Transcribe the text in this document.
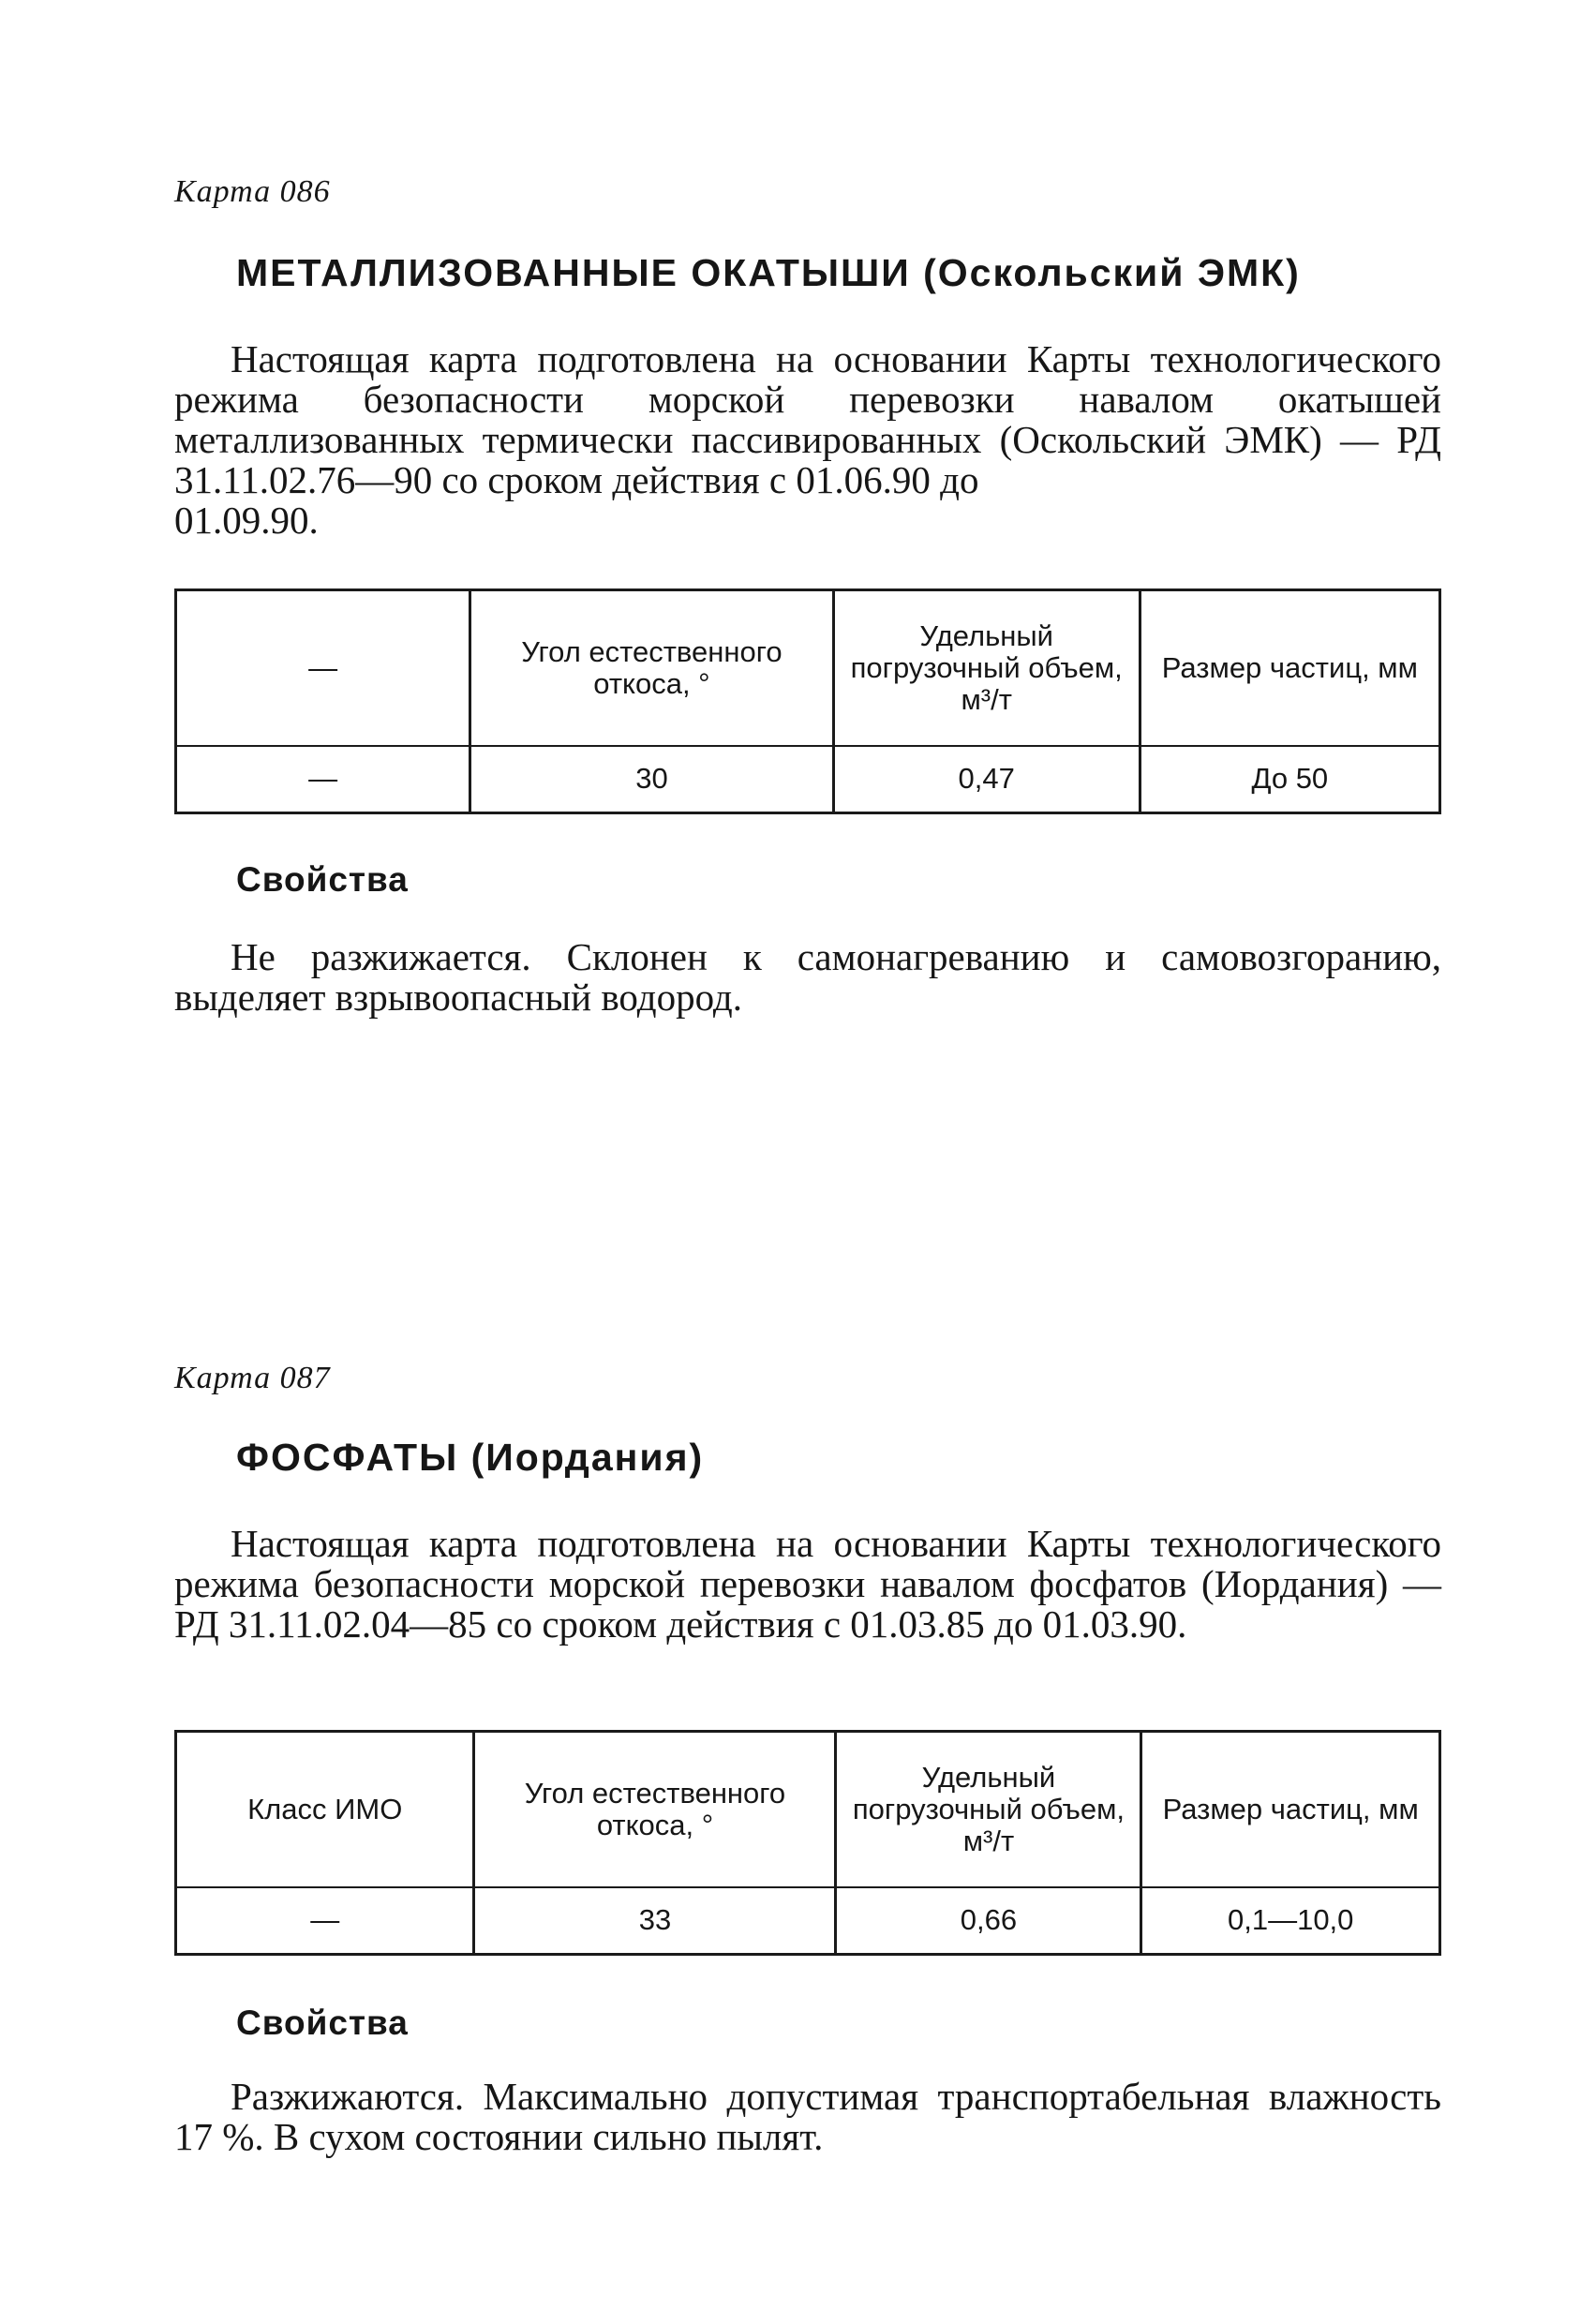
Карта 086
МЕТАЛЛИЗОВАННЫЕ ОКАТЫШИ (Оскольский ЭМК)
Настоящая карта подготовлена на основании Карты технологического режима безопасности морской перевозки навалом окатышей металлизованных термически пассивированных (Оскольский ЭМК) — РД 31.11.02.76—90 со сроком действия с 01.06.90 до
01.09.90.
—	Угол естественного откоса, °	Удельный погрузочный объем, м³/т	Размер частиц, мм
—	30	0,47	До 50
Свойства
Не разжижается. Склонен к самонагреванию и самовозгоранию, выделяет взрывоопасный водород.
Карта 087
ФОСФАТЫ (Иордания)
Настоящая карта подготовлена на основании Карты технологического режима безопасности морской перевозки навалом фосфатов (Иордания) — РД 31.11.02.04—85 со сроком действия с 01.03.85 до 01.03.90.
Класс ИМО	Угол естественного откоса, °	Удельный погрузочный объем, м³/т	Размер частиц, мм
—	33	0,66	0,1—10,0
Свойства
Разжижаются. Максимально допустимая транспортабельная влажность 17 %. В сухом состоянии сильно пылят.
